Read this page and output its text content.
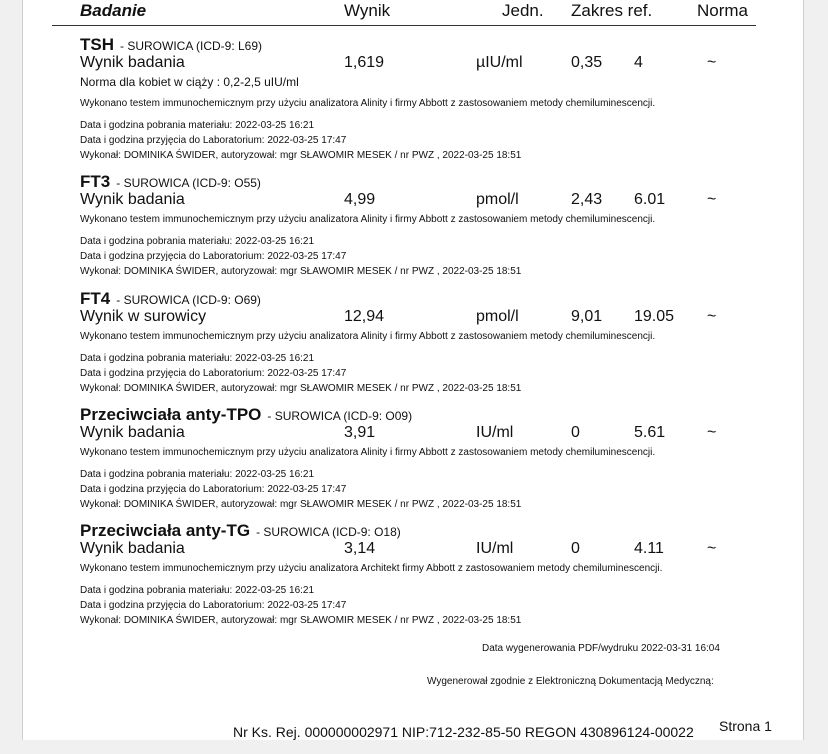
Badanie	Wynik	Jedn. Zakres ref.	Norma
TSH - SUROWICA (ICD-9: L69)
Wynik badania	1,619	µIU/ml	0,35 4	~
Norma dla kobiet w ciąży : 0,2-2,5 uIU/ml
Wykonano testem immunochemicznym przy użyciu analizatora Alinity i firmy Abbott z zastosowaniem metody chemiluminescencji.
Data i godzina pobrania materiału: 2022-03-25 16:21
Data i godzina przyjęcia do Laboratorium: 2022-03-25 17:47
Wykonał: DOMINIKA ŚWIDER, autoryzował: mgr SŁAWOMIR MESEK / nr PWZ , 2022-03-25 18:51
FT3 - SUROWICA (ICD-9: O55)
Wynik badania	4,99	pmol/l	2,43 6.01	~
Wykonano testem immunochemicznym przy użyciu analizatora Alinity i firmy Abbott z zastosowaniem metody chemiluminescencji.
Data i godzina pobrania materiału: 2022-03-25 16:21
Data i godzina przyjęcia do Laboratorium: 2022-03-25 17:47
Wykonał: DOMINIKA ŚWIDER, autoryzował: mgr SŁAWOMIR MESEK / nr PWZ , 2022-03-25 18:51
FT4 - SUROWICA (ICD-9: O69)
Wynik w surowicy	12,94	pmol/l	9,01 19.05 ~
Wykonano testem immunochemicznym przy użyciu analizatora Alinity i firmy Abbott z zastosowaniem metody chemiluminescencji.
Data i godzina pobrania materiału: 2022-03-25 16:21
Data i godzina przyjęcia do Laboratorium: 2022-03-25 17:47
Wykonał: DOMINIKA ŚWIDER, autoryzował: mgr SŁAWOMIR MESEK / nr PWZ , 2022-03-25 18:51
Przeciwciała anty-TPO - SUROWICA (ICD-9: O09)
Wynik badania	3,91	IU/ml	0	5.61	~
Wykonano testem immunochemicznym przy użyciu analizatora Alinity i firmy Abbott z zastosowaniem metody chemiluminescencji.
Data i godzina pobrania materiału: 2022-03-25 16:21
Data i godzina przyjęcia do Laboratorium: 2022-03-25 17:47
Wykonał: DOMINIKA ŚWIDER, autoryzował: mgr SŁAWOMIR MESEK / nr PWZ , 2022-03-25 18:51
Przeciwciała anty-TG - SUROWICA (ICD-9: O18)
Wynik badania	3,14	IU/ml	0	4.11	~
Wykonano testem immunochemicznym przy użyciu analizatora Architekt firmy Abbott z zastosowaniem metody chemiluminescencji.
Data i godzina pobrania materiału: 2022-03-25 16:21
Data i godzina przyjęcia do Laboratorium: 2022-03-25 17:47
Wykonał: DOMINIKA ŚWIDER, autoryzował: mgr SŁAWOMIR MESEK / nr PWZ , 2022-03-25 18:51
Data wygenerowania PDF/wydruku 2022-03-31 16:04
Wygenerował zgodnie z Elektroniczną Dokumentacją Medyczną:
Nr Ks. Rej. 000000002971 NIP:712-232-85-50 REGON 430896124-00022 Strona 1
